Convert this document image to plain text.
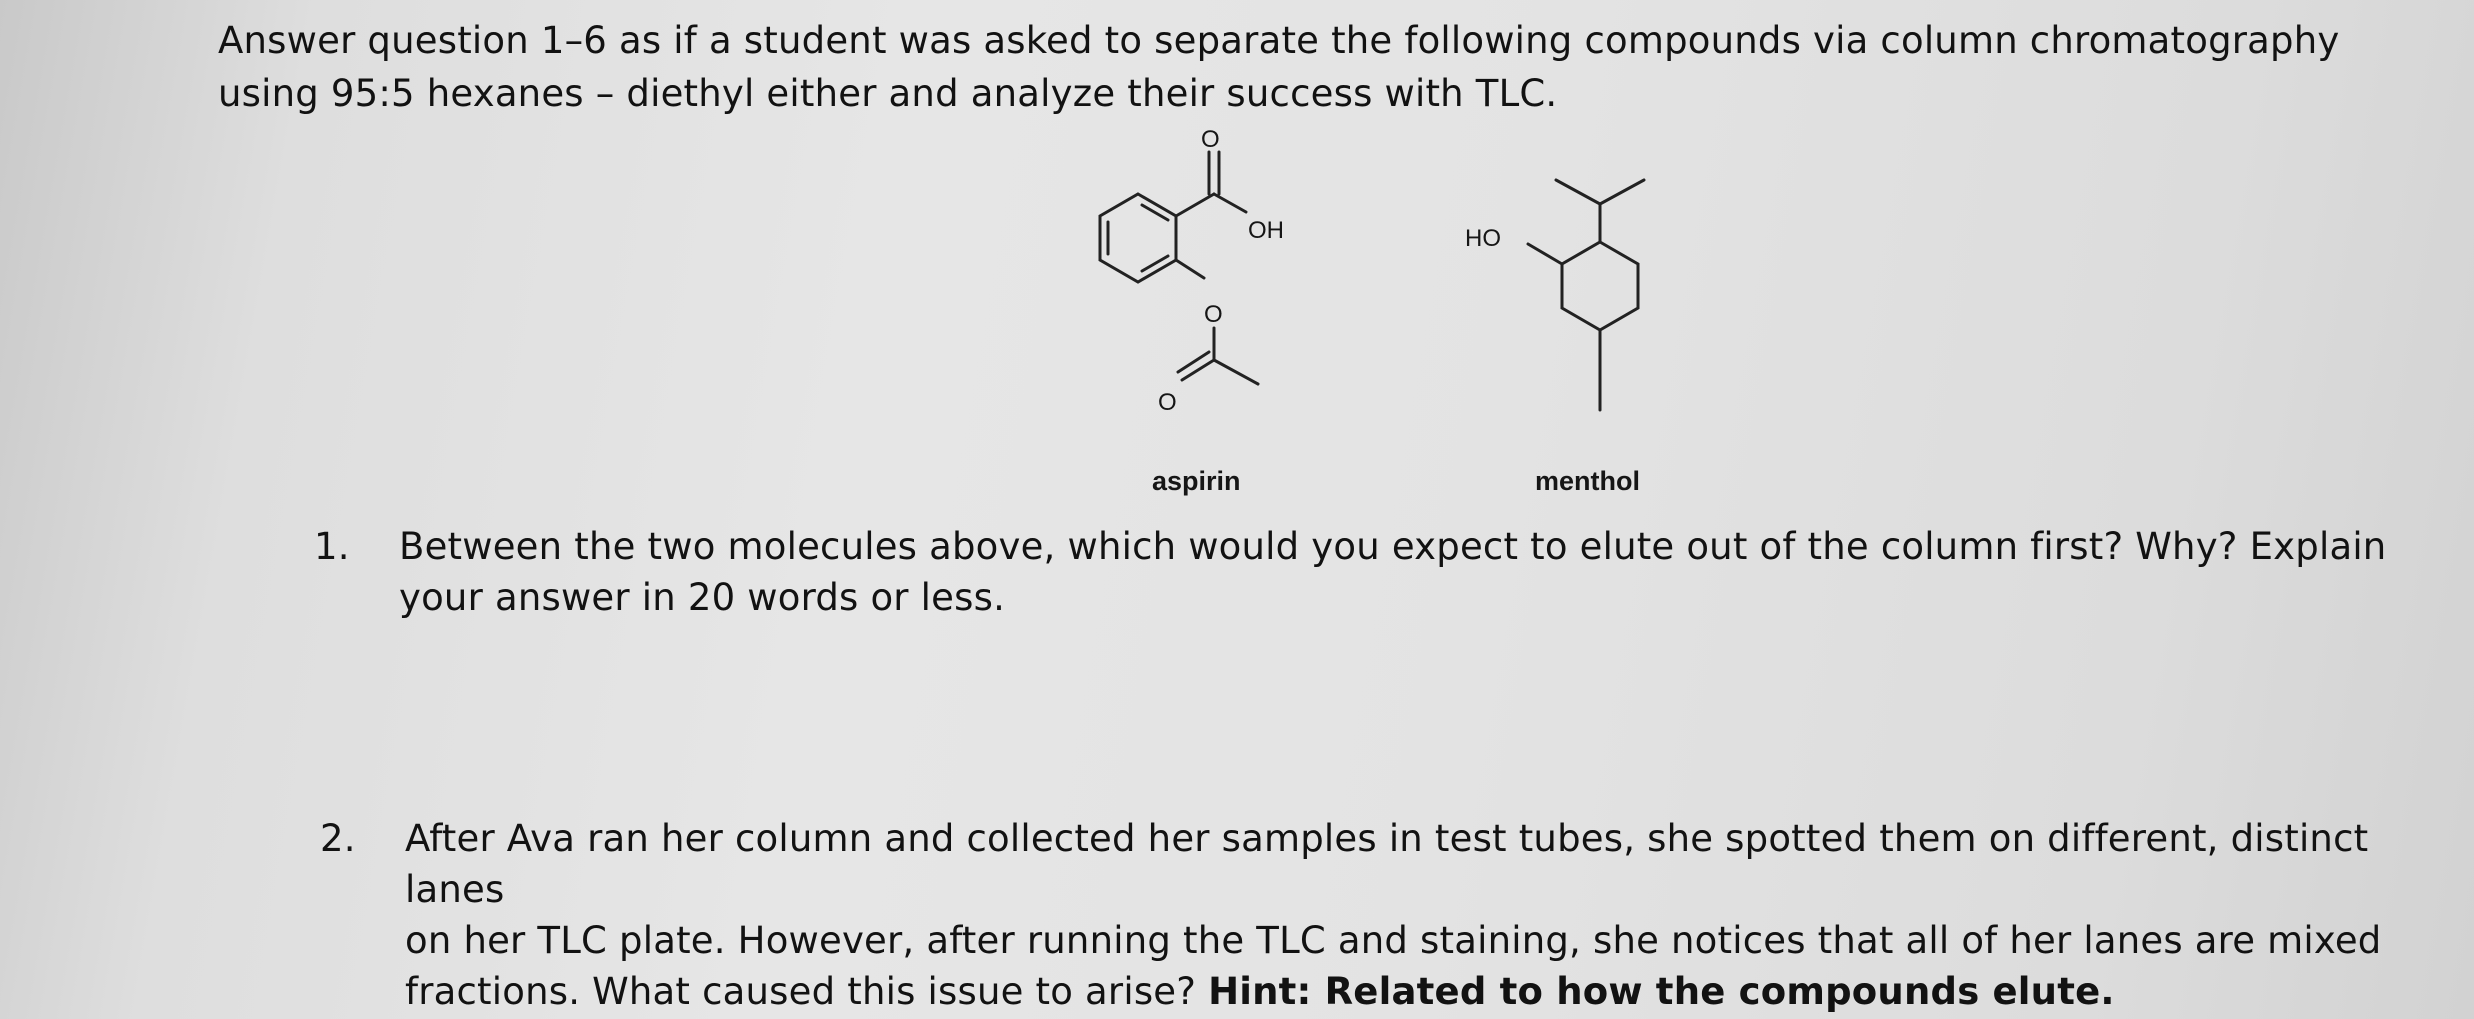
Answer question 1–6 as if a student was asked to separate the following compounds via column chromatography
using 95:5 hexanes – diethyl either and analyze their success with TLC.
O
OH
O
O
HO
aspirin	menthol
1. Between the two molecules above, which would you expect to elute out of the column first? Why? Explain
your answer in 20 words or less.
2. After Ava ran her column and collected her samples in test tubes, she spotted them on different, distinct lanes
on her TLC plate. However, after running the TLC and staining, she notices that all of her lanes are mixed
fractions. What caused this issue to arise? Hint: Related to how the compounds elute.
